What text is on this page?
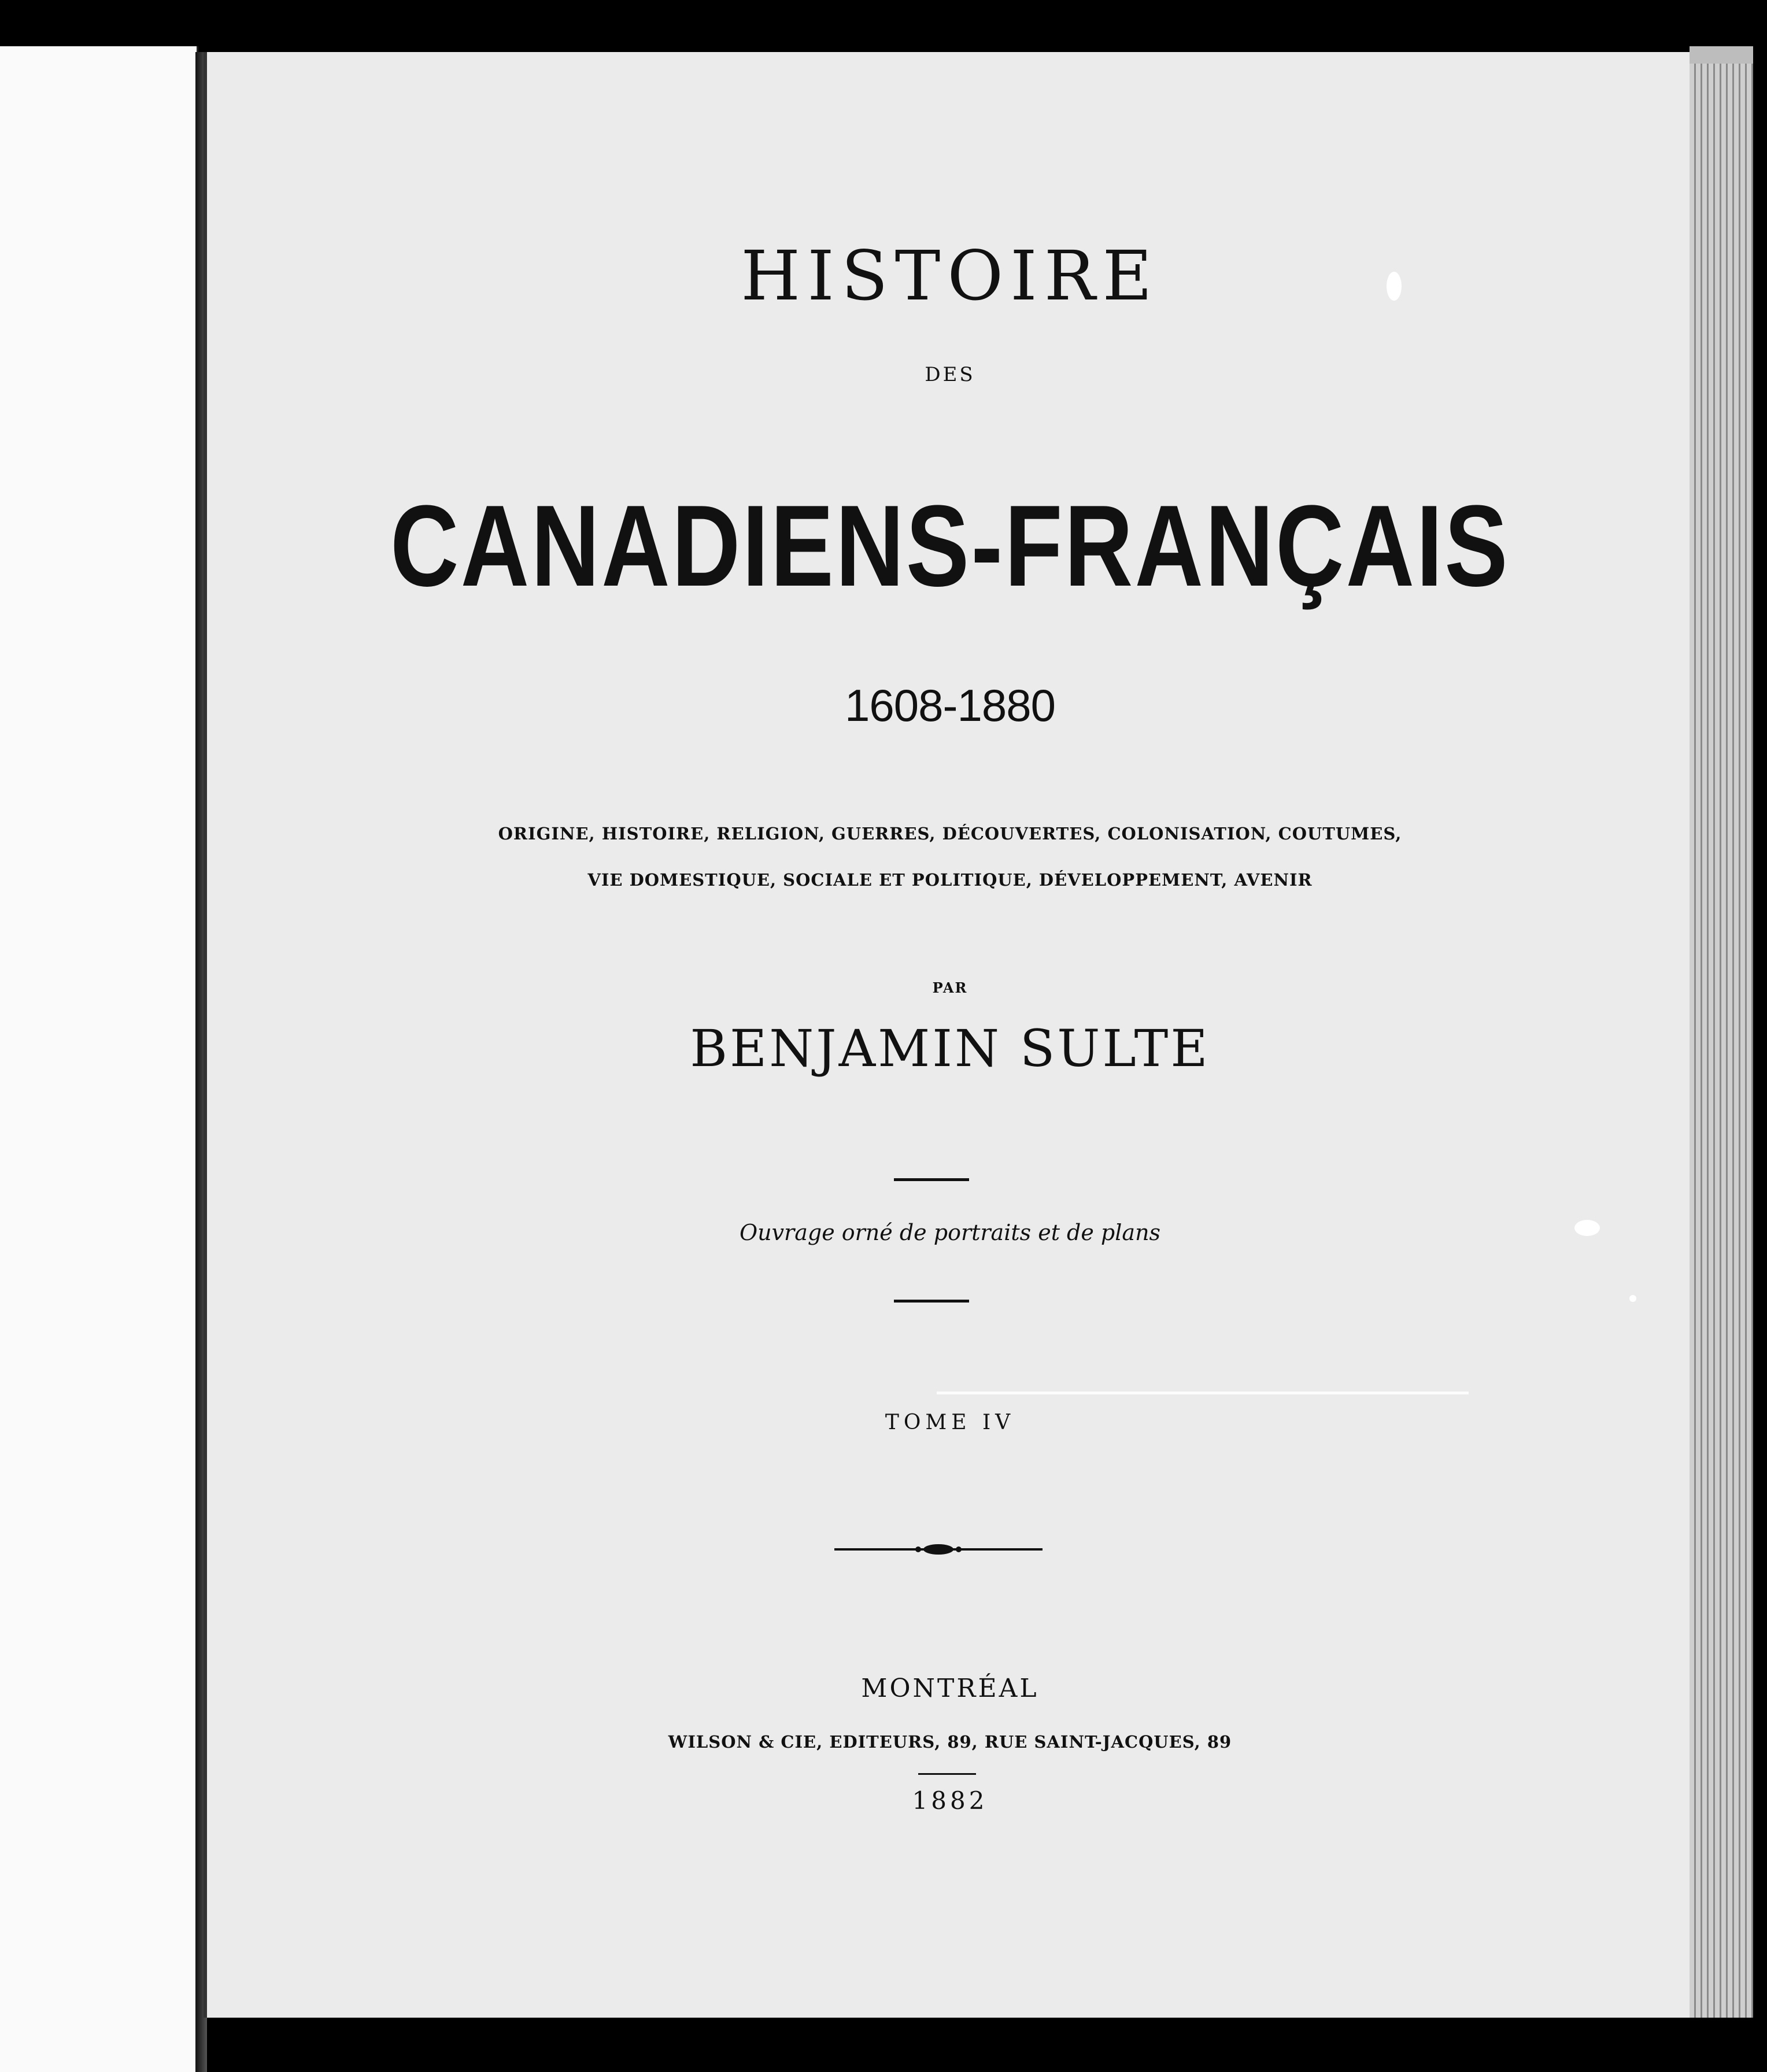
HISTOIRE
DES
CANADIENS-FRANÇAIS
1608-1880
ORIGINE, HISTOIRE, RELIGION, GUERRES, DÉCOUVERTES, COLONISATION, COUTUMES,
VIE DOMESTIQUE, SOCIALE ET POLITIQUE, DÉVELOPPEMENT, AVENIR
PAR
BENJAMIN SULTE
Ouvrage orné de portraits et de plans
TOME IV
MONTRÉAL
WILSON & CIE, EDITEURS, 89, RUE SAINT-JACQUES, 89
1882
